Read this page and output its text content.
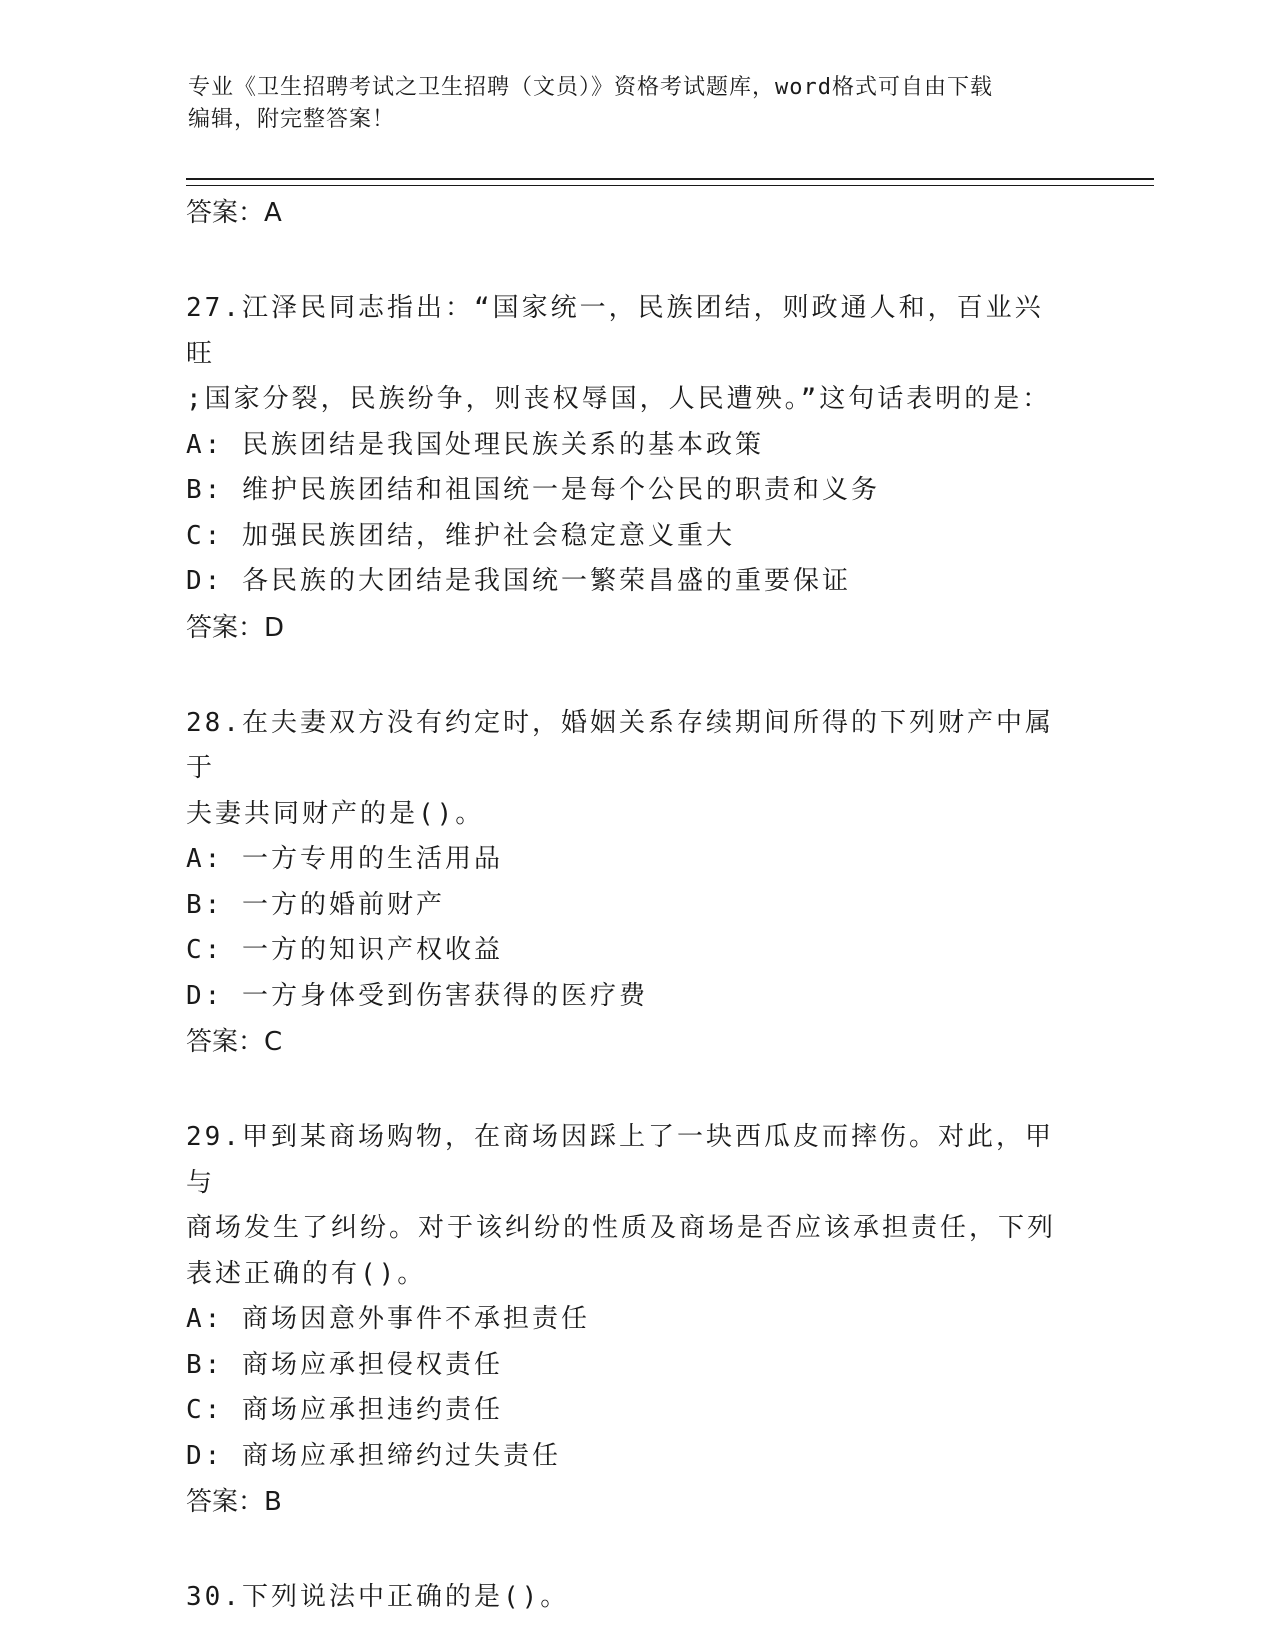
专业《卫生招聘考试之卫生招聘（文员）》资格考试题库，word格式可自由下载
编辑，附完整答案！

答案：A

27.江泽民同志指出：“国家统一，民族团结，则政通人和，百业兴旺
;国家分裂，民族纷争，则丧权辱国，人民遭殃。”这句话表明的是：

A: 民族团结是我国处理民族关系的基本政策

B: 维护民族团结和祖国统一是每个公民的职责和义务

C: 加强民族团结，维护社会稳定意义重大

D: 各民族的大团结是我国统一繁荣昌盛的重要保证

答案：D

28.在夫妻双方没有约定时，婚姻关系存续期间所得的下列财产中属于
夫妻共同财产的是()。

A: 一方专用的生活用品

B: 一方的婚前财产

C: 一方的知识产权收益

D: 一方身体受到伤害获得的医疗费

答案：C

29.甲到某商场购物，在商场因踩上了一块西瓜皮而摔伤。对此，甲与
商场发生了纠纷。对于该纠纷的性质及商场是否应该承担责任，下列
表述正确的有()。

A: 商场因意外事件不承担责任

B: 商场应承担侵权责任

C: 商场应承担违约责任

D: 商场应承担缔约过失责任

答案：B

30.下列说法中正确的是()。
